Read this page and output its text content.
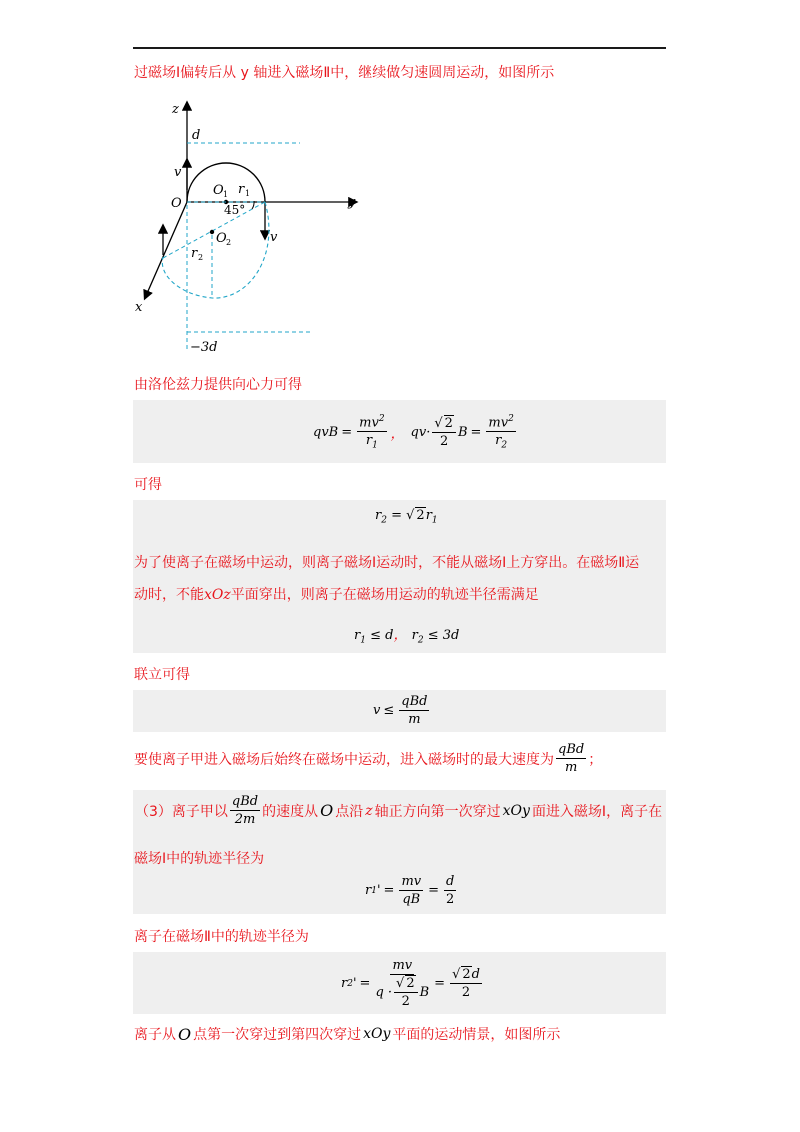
过磁场Ⅰ偏转后从 y 轴进入磁场Ⅱ中，继续做匀速圆周运动，如图所示
z
d
v
O
O 1 r 1
45°	y
v
O 2
r 2
x
−3d
由洛伦兹力提供向心力可得
qvB = $\frac{mv^2}{r_1}$ ， $qv\cdot \frac{√ 2}{2}$ $B = \frac{mv^2}{r_2}$
可得
$r_2$ = √ $2r_1$
为了使离子在磁场中运动，则离子磁场Ⅰ运动时，不能从磁场Ⅰ上方穿出。在磁场Ⅱ运
动时，不能xOz平面穿出，则离子在磁场用运动的轨迹半径需满足
$r_1 \le d$， $r_2 \le 3d$
联立可得
$v \le \frac{\text{qBd}}{m}$
要使离子甲进入磁场后始终在磁场中运动，进入磁场时的最大速度为 $\frac{\text{qBd}}{m}$ ；
（3）离子甲以 $\frac{\text{qBd}}{2m}$ 的速度从 O 点沿 z 轴正方向第一次穿过 xOy 面进入磁场Ⅰ，离子在
磁场Ⅰ中的轨迹半径为
r 1 ' = $\frac{mv}{qB} = \frac{d}{2}$
离子在磁场Ⅱ中的轨迹半径为
r 2 ' = $\frac{mv}{q \cdot \frac{√ 2}{2} B} = \frac{√ 2d}{2}$
离子从 O 点第一次穿过到第四次穿过 xOy 平面的运动情景，如图所示
